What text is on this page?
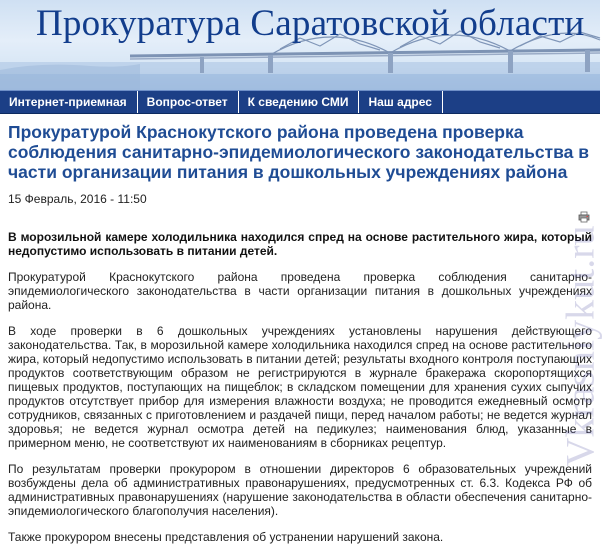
Прокуратура Саратовской области
Интернет-приемная	Вопрос-ответ	К сведению СМИ	Наш адрес
Прокуратурой Краснокутского района проведена проверка соблюдения санитарно-эпидемиологического законодательства в части организации питания в дошкольных учреждениях района
15 Февраль, 2016 - 11:50

В морозильной камере холодильника находился спред на основе растительного жира, который недопустимо использовать в питании детей.

Прокуратурой Краснокутского района проведена проверка соблюдения санитарно-эпидемиологического законодательства в части организации питания в дошкольных учреждениях района.

В ходе проверки в 6 дошкольных учреждениях установлены нарушения действующего законодательства. Так, в морозильной камере холодильника находился спред на основе растительного жира, который недопустимо использовать в питании детей; результаты входного контроля поступающих продуктов соответствующим образом не регистрируются в журнале бракеража скоропортящихся пищевых продуктов, поступающих на пищеблок; в складском помещении для хранения сухих сыпучих продуктов отсутствует прибор для измерения влажности воздуха; не проводится ежедневный осмотр сотрудников, связанных с приготовлением и раздачей пищи, перед началом работы; не ведется журнал здоровья; не ведется журнал осмотра детей на педикулез; наименования блюд, указанные в примерном меню, не соответствуют их наименованиям в сборниках рецептур.

По результатам проверки прокурором в отношении директоров 6 образовательных учреждений возбуждены дела об административных правонарушениях, предусмотренных ст. 6.3. Кодекса РФ об административных правонарушениях (нарушение законодательства в области обеспечения санитарно-эпидемиологического благополучия населения).

Также прокурором внесены представления об устранении нарушений закона.

Vkrasniykut.ru
